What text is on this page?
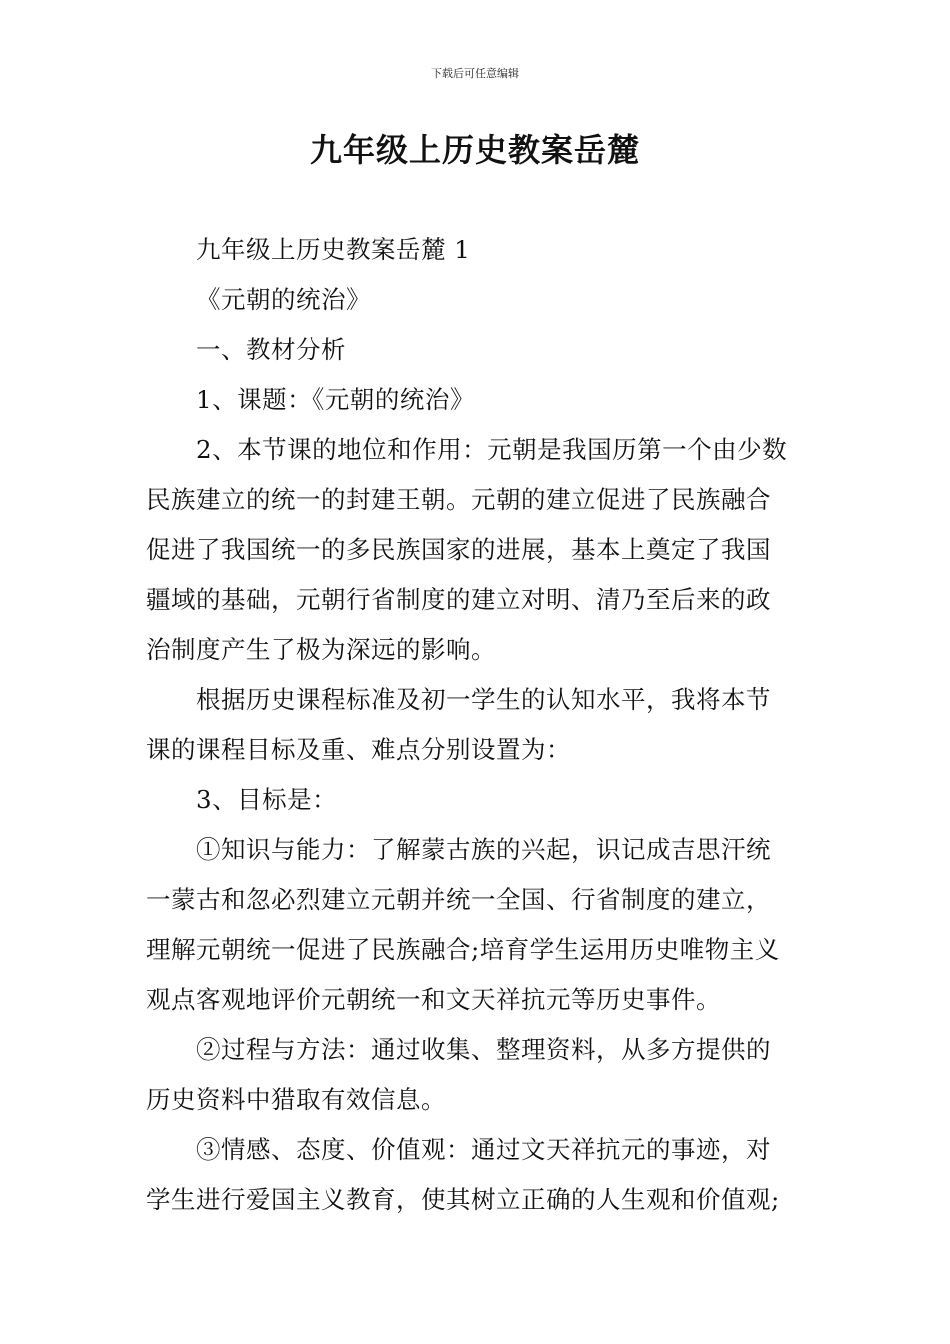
下载后可任意编辑
九年级上历史教案岳麓

九年级上历史教案岳麓 1

《元朝的统治》

一、教材分析

1、课题：《元朝的统治》

2、本节课的地位和作用：元朝是我国历第一个由少数

民族建立的统一的封建王朝。元朝的建立促进了民族融合

促进了我国统一的多民族国家的进展，基本上奠定了我国

疆域的基础，元朝行省制度的建立对明、清乃至后来的政

治制度产生了极为深远的影响。

根据历史课程标准及初一学生的认知水平，我将本节

课的课程目标及重、难点分别设置为：

3、目标是：

①知识与能力：了解蒙古族的兴起，识记成吉思汗统

一蒙古和忽必烈建立元朝并统一全国、行省制度的建立，

理解元朝统一促进了民族融合;培育学生运用历史唯物主义

观点客观地评价元朝统一和文天祥抗元等历史事件。

②过程与方法：通过收集、整理资料，从多方提供的

历史资料中猎取有效信息。

③情感、态度、价值观：通过文天祥抗元的事迹，对

学生进行爱国主义教育，使其树立正确的人生观和价值观;
